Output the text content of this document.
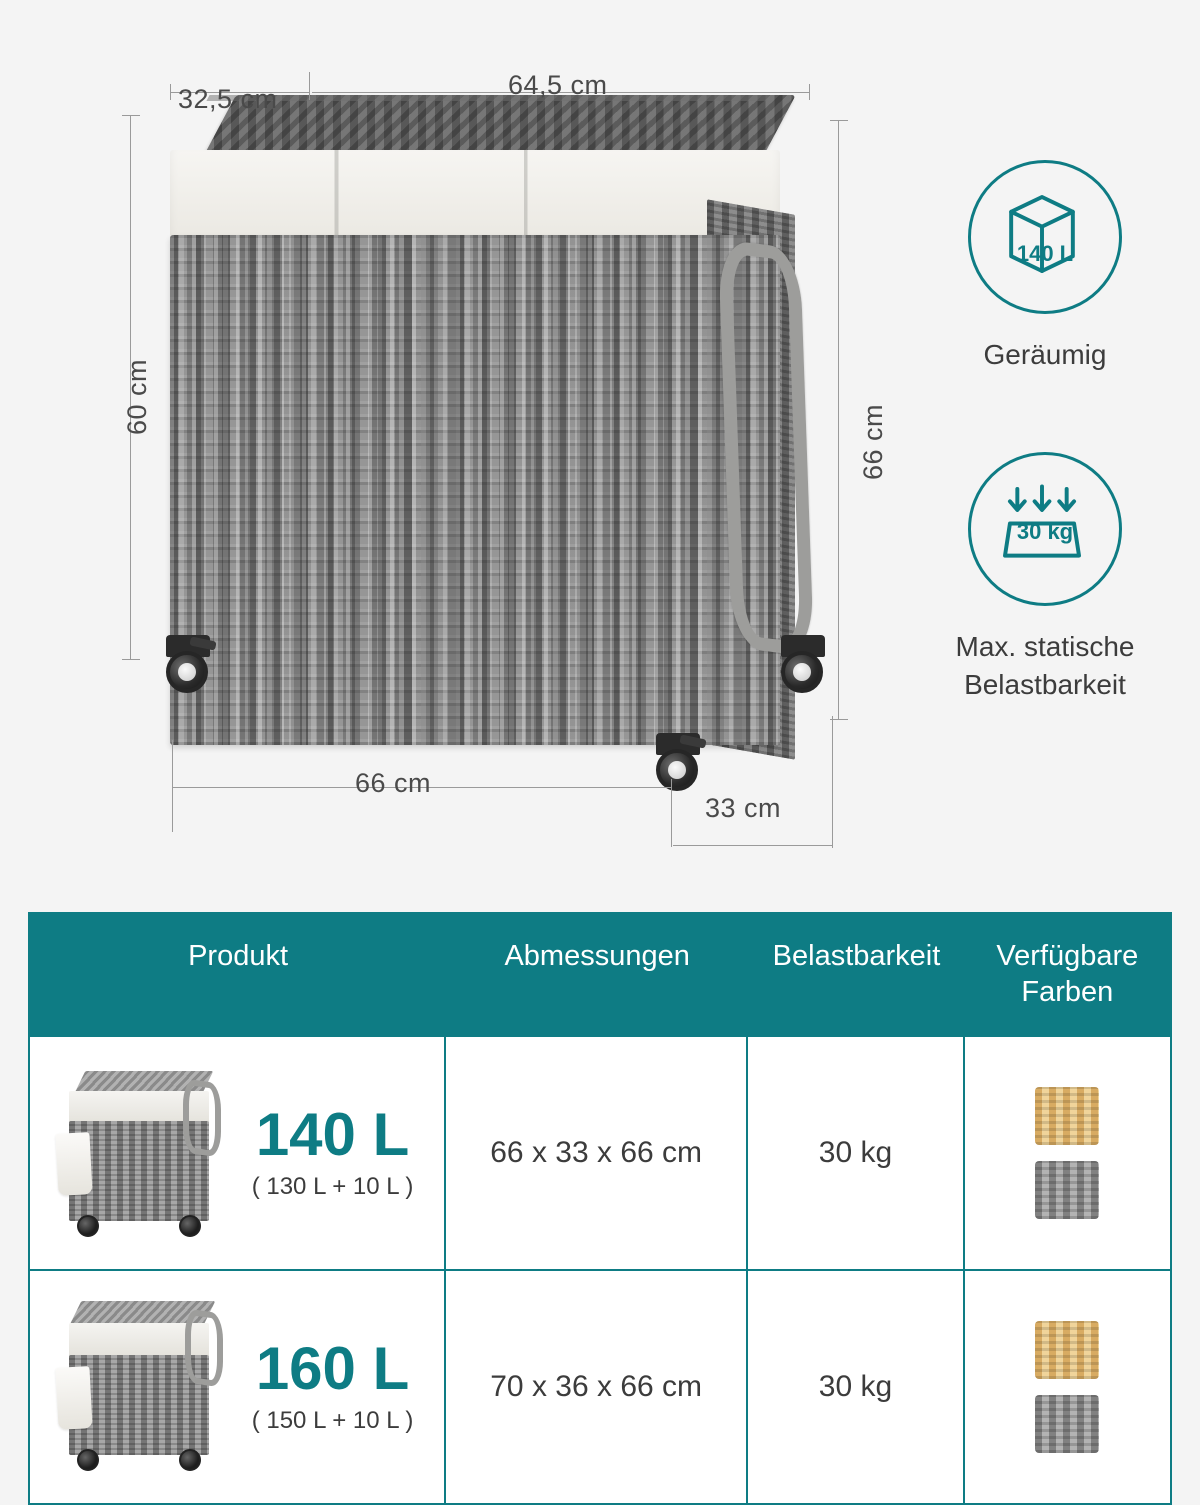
32,5 cm	64,5 cm
60 cm
66 cm
66 cm
33 cm
140 L
Geräumig
30 kg
Max. statische Belastbarkeit
Produkt	Abmessungen	Belastbarkeit	Verfügbare Farben
140 L
( 130 L + 10 L )
66 x 33 x 66 cm	30 kg
160 L
( 150 L + 10 L )
70 x 36 x 66 cm	30 kg
